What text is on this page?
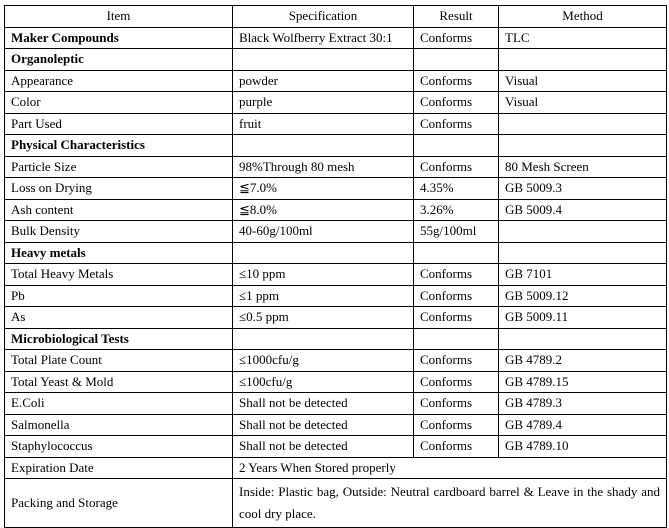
Item	Specification	Result	Method
Maker Compounds	Black Wolfberry Extract 30:1	Conforms	TLC
Organoleptic			
Appearance	powder	Conforms	Visual
Color	purple	Conforms	Visual
Part Used	fruit	Conforms	
Physical Characteristics			
Particle Size	98%Through 80 mesh	Conforms	80 Mesh Screen
Loss on Drying	≦7.0%	4.35%	GB 5009.3
Ash content	≦8.0%	3.26%	GB 5009.4
Bulk Density	40-60g/100ml	55g/100ml	
Heavy metals			
Total Heavy Metals	≤10 ppm	Conforms	GB 7101
Pb	≤1 ppm	Conforms	GB 5009.12
As	≤0.5 ppm	Conforms	GB 5009.11
Microbiological Tests			
Total Plate Count	≤1000cfu/g	Conforms	GB 4789.2
Total Yeast & Mold	≤100cfu/g	Conforms	GB 4789.15
E.Coli	Shall not be detected	Conforms	GB 4789.3
Salmonella	Shall not be detected	Conforms	GB 4789.4
Staphylococcus	Shall not be detected	Conforms	GB 4789.10
Expiration Date	2 Years When Stored properly		
Packing and Storage	Inside: Plastic bag, Outside: Neutral cardboard barrel & Leave in the shady and cool dry place.		
